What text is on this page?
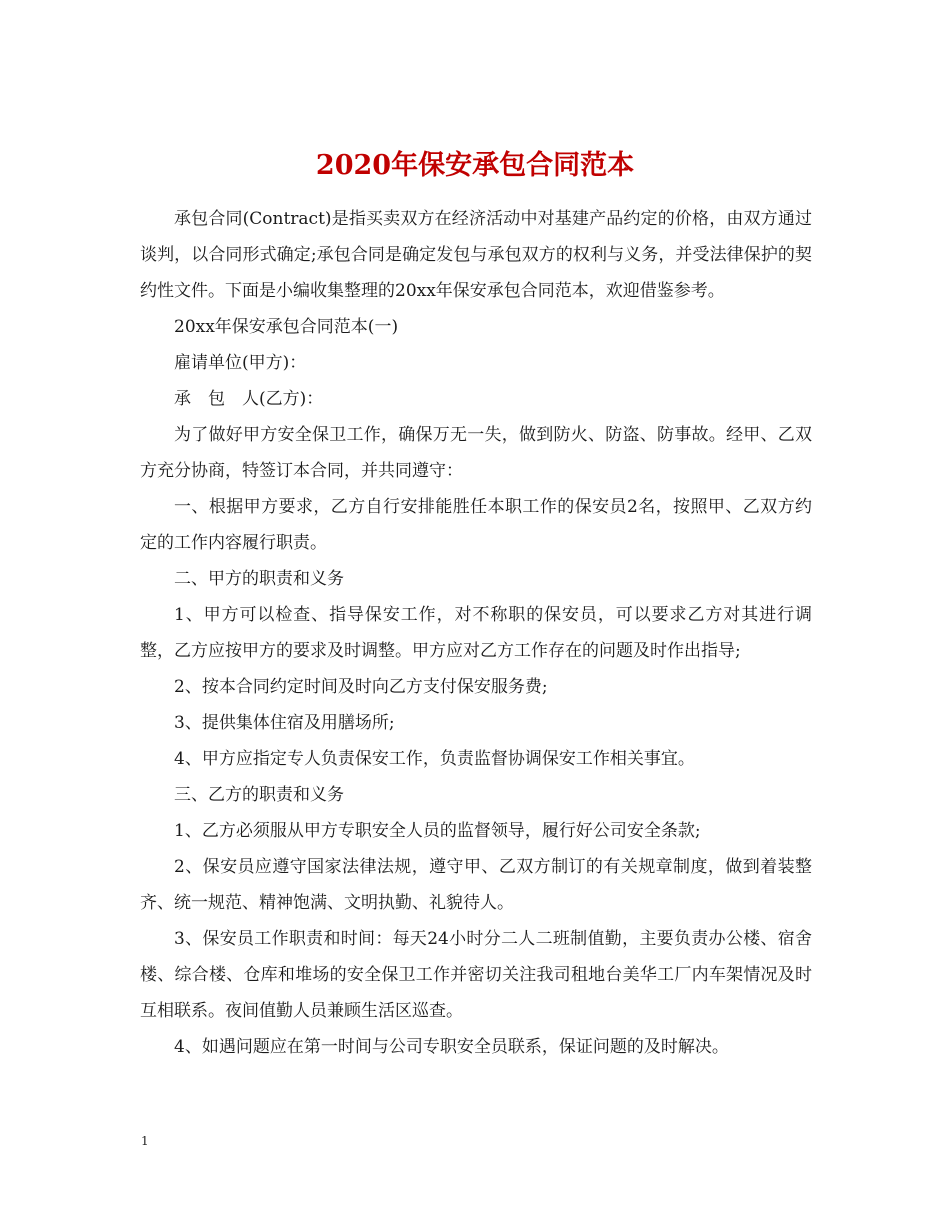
2020年保安承包合同范本

承包合同(Contract)是指买卖双方在经济活动中对基建产品约定的价格，由双方通过谈判，以合同形式确定;承包合同是确定发包与承包双方的权利与义务，并受法律保护的契约性文件。下面是小编收集整理的20xx年保安承包合同范本，欢迎借鉴参考。

20xx年保安承包合同范本(一)

雇请单位(甲方)：

承　包　人(乙方)：

为了做好甲方安全保卫工作，确保万无一失，做到防火、防盗、防事故。经甲、乙双方充分协商，特签订本合同，并共同遵守：

一、根据甲方要求，乙方自行安排能胜任本职工作的保安员2名，按照甲、乙双方约定的工作内容履行职责。

二、甲方的职责和义务

1、甲方可以检查、指导保安工作，对不称职的保安员，可以要求乙方对其进行调整，乙方应按甲方的要求及时调整。甲方应对乙方工作存在的问题及时作出指导;

2、按本合同约定时间及时向乙方支付保安服务费;

3、提供集体住宿及用膳场所;

4、甲方应指定专人负责保安工作，负责监督协调保安工作相关事宜。

三、乙方的职责和义务

1、乙方必须服从甲方专职安全人员的监督领导，履行好公司安全条款;

2、保安员应遵守国家法律法规，遵守甲、乙双方制订的有关规章制度，做到着装整齐、统一规范、精神饱满、文明执勤、礼貌待人。

3、保安员工作职责和时间：每天24小时分二人二班制值勤，主要负责办公楼、宿舍楼、综合楼、仓库和堆场的安全保卫工作并密切关注我司租地台美华工厂内车架情况及时互相联系。夜间值勤人员兼顾生活区巡查。

4、如遇问题应在第一时间与公司专职安全员联系，保证问题的及时解决。

1
